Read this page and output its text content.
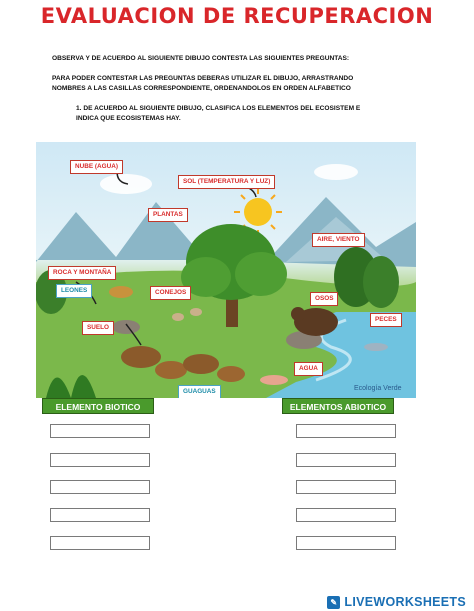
EVALUACION DE RECUPERACION
OBSERVA Y DE ACUERDO AL SIGUIENTE DIBUJO CONTESTA LAS SIGUIENTES PREGUNTAS:
PARA PODER CONTESTAR LAS PREGUNTAS DEBERAS UTILIZAR EL DIBUJO, ARRASTRANDO
NOMBRES A LAS CASILLAS CORRESPONDIENTE, ORDENANDOLOS EN ORDEN ALFABETICO
1. DE ACUERDO AL SIGUIENTE DIBUJO, CLASIFICA LOS ELEMENTOS DEL ECOSISTEM E
INDICA QUE ECOSISTEMAS HAY.
Ecología Verde
NUBE (AGUA)
SOL (TEMPERATURA Y LUZ)
PLANTAS
AIRE, VIENTO
ROCA Y MONTAÑA
LEONES	CONEJOS
OSOS
SUELO
PECES
AGUA
GUAGUAS
ELEMENTO BIOTICO	ELEMENTOS ABIOTICO
✎ LIVEWORKSHEETS
